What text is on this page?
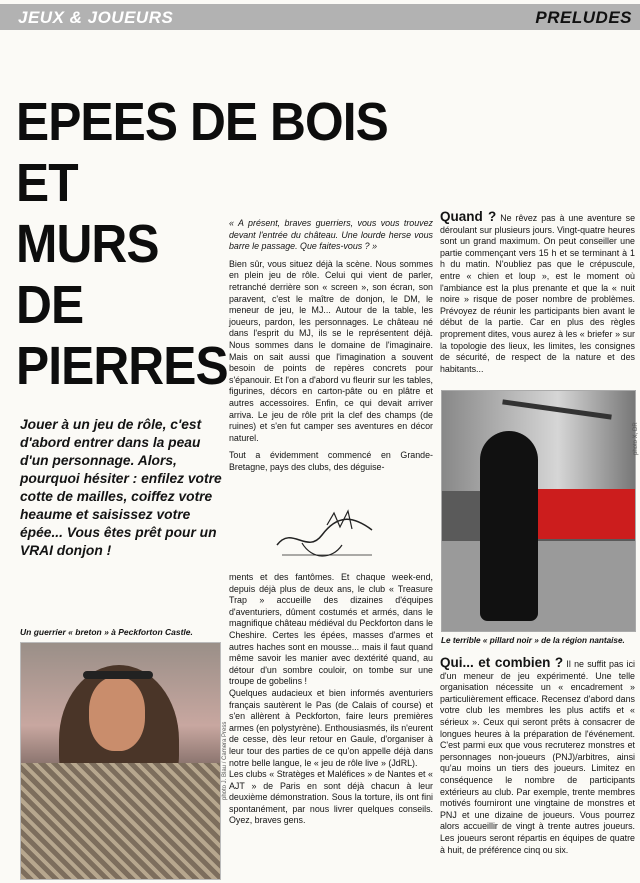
JEUX & JOUEURS	PRELUDES
EPEES DE BOIS
ET
MURS
DE
PIERRES
Jouer à un jeu de rôle, c'est d'abord entrer dans la peau d'un personnage. Alors, pourquoi hésiter : enfilez votre cotte de mailles, coiffez votre heaume et saisissez votre épée... Vous êtes prêt pour un VRAI donjon !
Un guerrier « breton » à Peckforton Castle.
photo J. Blau / Camera Press

« A présent, braves guerriers, vous vous trouvez devant l'entrée du château. Une lourde herse vous barre le passage. Que faites-vous ? »

Bien sûr, vous situez déjà la scène. Nous sommes en plein jeu de rôle. Celui qui vient de parler, retranché derrière son « screen », son écran, son paravent, c'est le maître de donjon, le DM, le meneur de jeu, le MJ... Autour de la table, les joueurs, pardon, les personnages. Le château né dans l'esprit du MJ, ils se le représentent déjà. Nous sommes dans le domaine de l'imaginaire. Mais on sait aussi que l'imagination a souvent besoin de points de repères concrets pour s'épanouir. Et l'on a d'abord vu fleurir sur les tables, figurines, décors en carton-pâte ou en plâtre et autres accessoires. Enfin, ce qui devait arriver arriva. Le jeu de rôle prit la clef des champs (de ruines) et s'en fut camper ses aventures en décor naturel.

Tout a évidemment commencé en Grande-Bretagne, pays des clubs, des déguise-

ments et des fantômes. Et chaque week-end, depuis déjà plus de deux ans, le club « Treasure Trap » accueille des dizaines d'équipes d'aventuriers, dûment costumés et armés, dans le magnifique château médiéval du Peckforton dans le Cheshire. Certes les épées, masses d'armes et autres haches sont en mousse... mais il faut quand même savoir les manier avec dextérité quand, au détour d'un sombre couloir, on tombe sur une troupe de gobelins !

Quelques audacieux et bien informés aventuriers français sautèrent le Pas (de Calais of course) et s'en allèrent à Peckforton, faire leurs premières armes (en polystyrène). Enthousiasmés, ils n'eurent de cesse, dès leur retour en Gaule, d'organiser à leur tour des parties de ce qu'on appelle déjà dans notre belle langue, le « jeu de rôle live » (JdRL).

Les clubs « Stratèges et Maléfices » de Nantes et « AJT » de Paris en sont déjà chacun à leur deuxième démonstration. Sous la torture, ils ont fini spontanément, par nous livrer quelques conseils. Oyez, braves gens.

Quand ? Ne rêvez pas à une aventure se déroulant sur plusieurs jours. Vingt-quatre heures sont un grand maximum. On peut conseiller une partie commençant vers 15 h et se terminant à 1 h du matin. N'oubliez pas que le crépuscule, entre « chien et loup », est le moment où l'ambiance est la plus prenante et que la « nuit noire » risque de poser nombre de problèmes. Prévoyez de réunir les participants bien avant le début de la partie. Car en plus des règles proprement dites, vous aurez à les « briefer » sur la topologie des lieux, les limites, les consignes de sécurité, de respect de la nature et des habitants...

photo X, DR
Le terrible « pillard noir » de la région nantaise.

Qui... et combien ? Il ne suffit pas ici d'un meneur de jeu expérimenté. Une telle organisation nécessite un « encadrement » particulièrement efficace. Recensez d'abord dans votre club les membres les plus actifs et « sérieux ». Ceux qui seront prêts à consacrer de longues heures à la préparation de l'événement. C'est parmi eux que vous recruterez monstres et personnages non-joueurs (PNJ)/arbitres, ainsi qu'au moins un tiers des joueurs. Limitez en conséquence le nombre de participants extérieurs au club. Par exemple, trente membres motivés fourniront une vingtaine de monstres et PNJ et une dizaine de joueurs. Vous pourrez alors accueillir de vingt à trente autres joueurs. Les joueurs seront répartis en équipes de quatre à huit, de préférence cinq ou six.
